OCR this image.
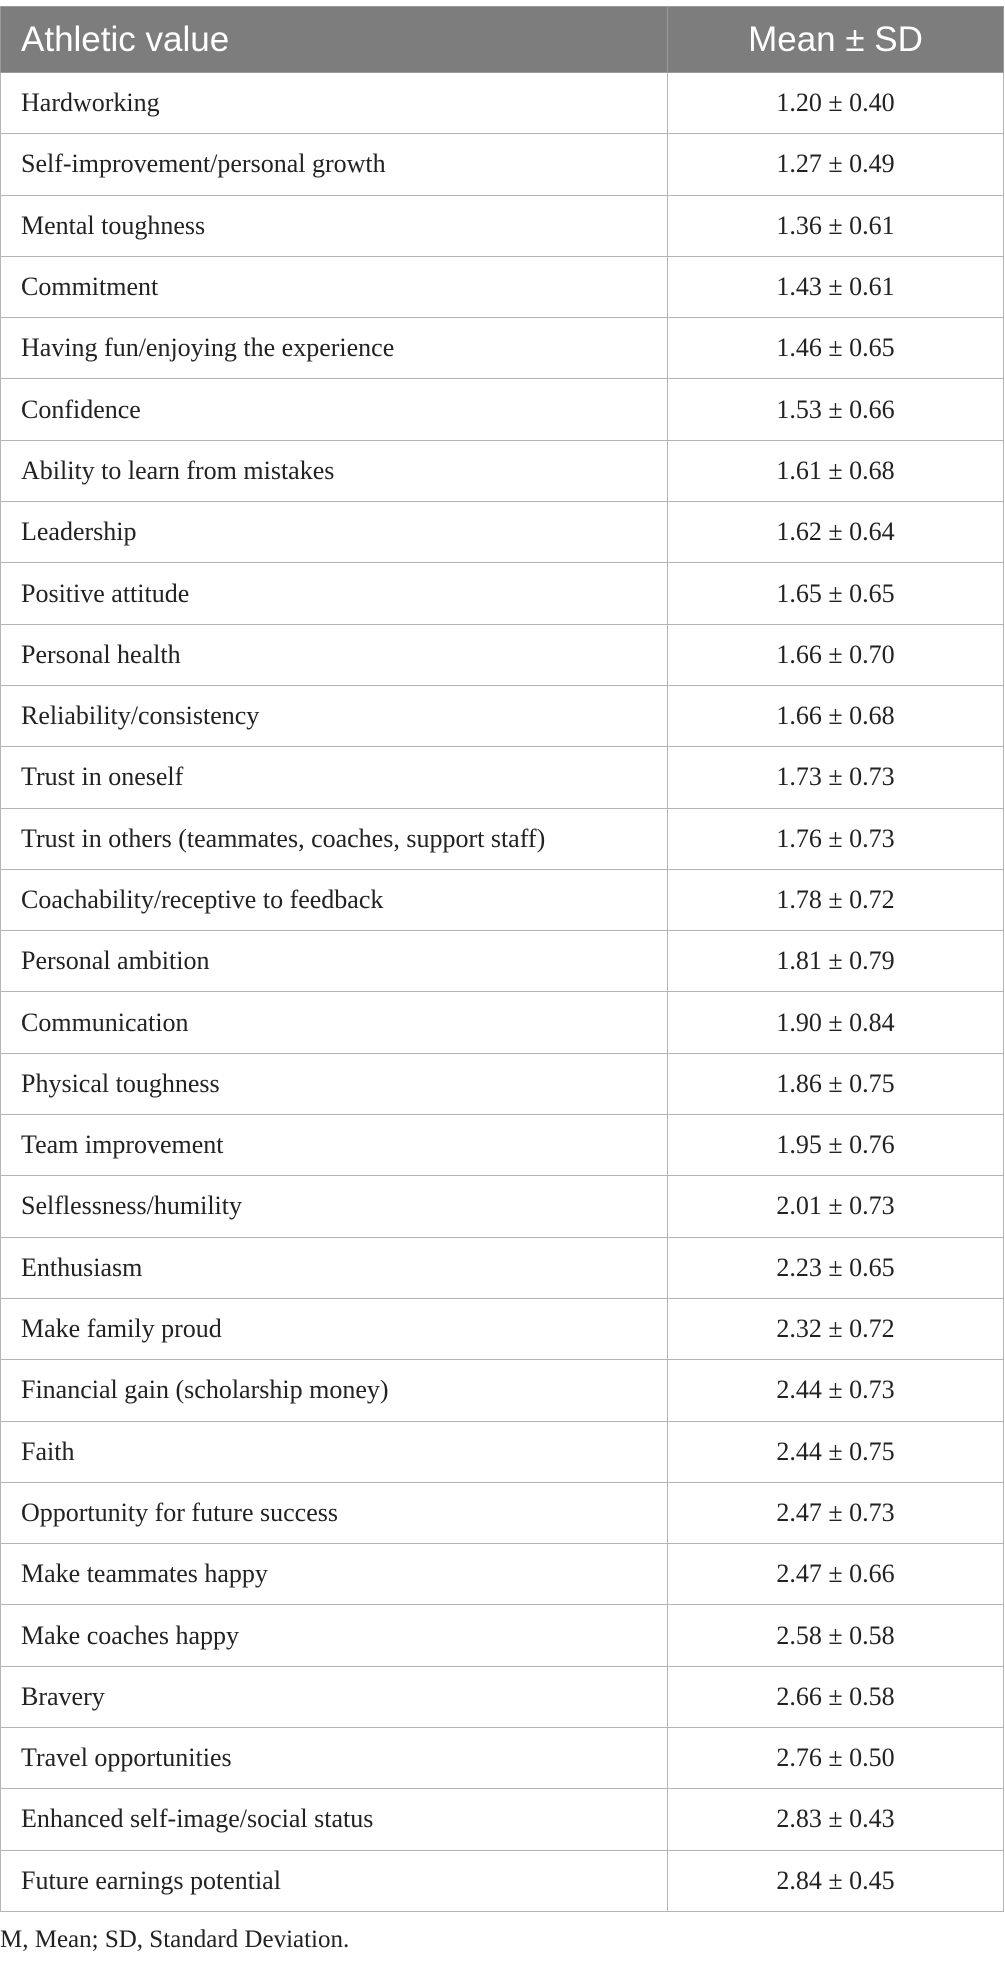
Athletic value	Mean ± SD
Hardworking	1.20 ± 0.40
Self-improvement/personal growth	1.27 ± 0.49
Mental toughness	1.36 ± 0.61
Commitment	1.43 ± 0.61
Having fun/enjoying the experience	1.46 ± 0.65
Confidence	1.53 ± 0.66
Ability to learn from mistakes	1.61 ± 0.68
Leadership	1.62 ± 0.64
Positive attitude	1.65 ± 0.65
Personal health	1.66 ± 0.70
Reliability/consistency	1.66 ± 0.68
Trust in oneself	1.73 ± 0.73
Trust in others (teammates, coaches, support staff)	1.76 ± 0.73
Coachability/receptive to feedback	1.78 ± 0.72
Personal ambition	1.81 ± 0.79
Communication	1.90 ± 0.84
Physical toughness	1.86 ± 0.75
Team improvement	1.95 ± 0.76
Selflessness/humility	2.01 ± 0.73
Enthusiasm	2.23 ± 0.65
Make family proud	2.32 ± 0.72
Financial gain (scholarship money)	2.44 ± 0.73
Faith	2.44 ± 0.75
Opportunity for future success	2.47 ± 0.73
Make teammates happy	2.47 ± 0.66
Make coaches happy	2.58 ± 0.58
Bravery	2.66 ± 0.58
Travel opportunities	2.76 ± 0.50
Enhanced self-image/social status	2.83 ± 0.43
Future earnings potential	2.84 ± 0.45
M, Mean; SD, Standard Deviation.
